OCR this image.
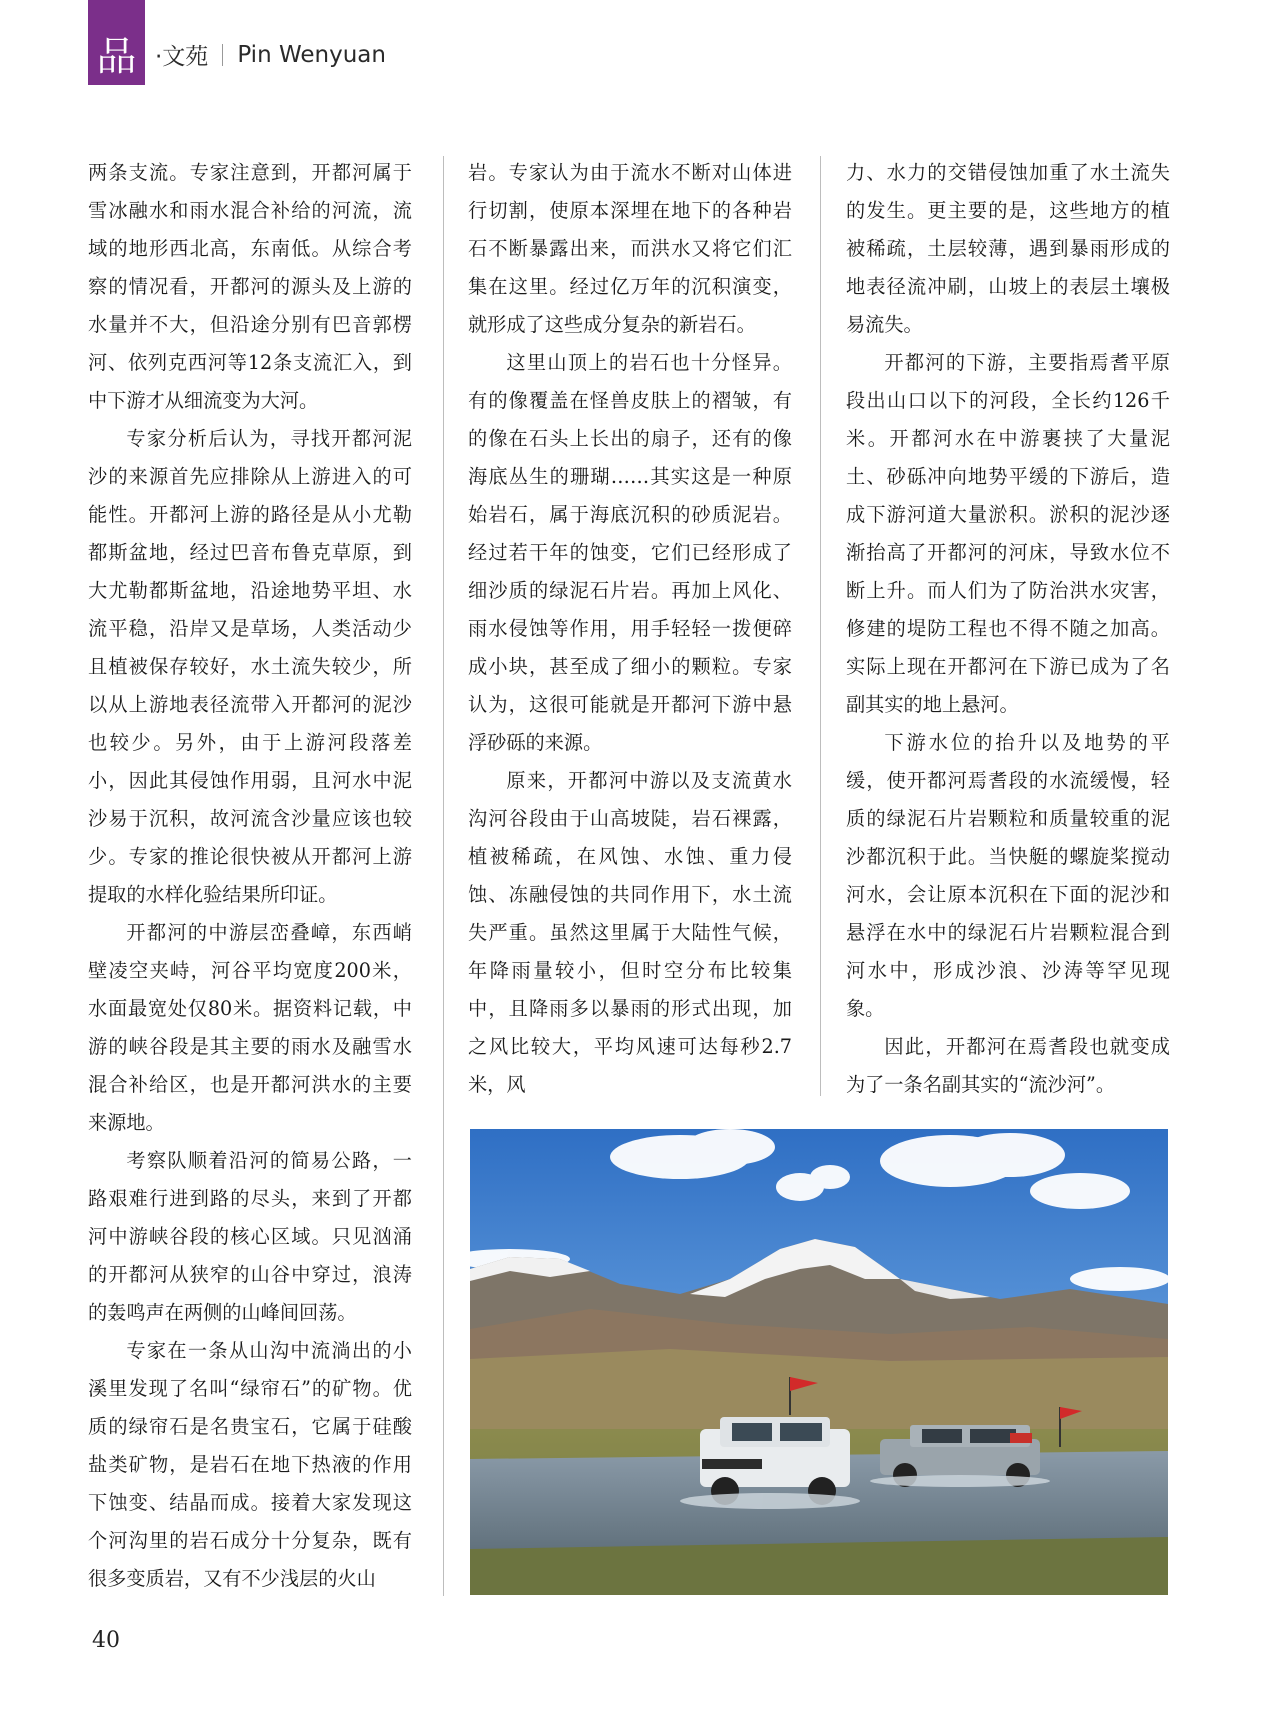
品 ·文苑 Pin Wenyuan

两条支流。专家注意到，开都河属于雪冰融水和雨水混合补给的河流，流域的地形西北高，东南低。从综合考察的情况看，开都河的源头及上游的水量并不大，但沿途分别有巴音郭楞河、依列克西河等12条支流汇入，到中下游才从细流变为大河。

专家分析后认为，寻找开都河泥沙的来源首先应排除从上游进入的可能性。开都河上游的路径是从小尤勒都斯盆地，经过巴音布鲁克草原，到大尤勒都斯盆地，沿途地势平坦、水流平稳，沿岸又是草场，人类活动少且植被保存较好，水土流失较少，所以从上游地表径流带入开都河的泥沙也较少。另外，由于上游河段落差小，因此其侵蚀作用弱，且河水中泥沙易于沉积，故河流含沙量应该也较少。专家的推论很快被从开都河上游提取的水样化验结果所印证。

开都河的中游层峦叠嶂，东西峭壁凌空夹峙，河谷平均宽度200米，水面最宽处仅80米。据资料记载，中游的峡谷段是其主要的雨水及融雪水混合补给区，也是开都河洪水的主要来源地。

考察队顺着沿河的简易公路，一路艰难行进到路的尽头，来到了开都河中游峡谷段的核心区域。只见汹涌的开都河从狭窄的山谷中穿过，浪涛的轰鸣声在两侧的山峰间回荡。

专家在一条从山沟中流淌出的小溪里发现了名叫“绿帘石”的矿物。优质的绿帘石是名贵宝石，它属于硅酸盐类矿物，是岩石在地下热液的作用下蚀变、结晶而成。接着大家发现这个河沟里的岩石成分十分复杂，既有很多变质岩，又有不少浅层的火山

岩。专家认为由于流水不断对山体进行切割，使原本深埋在地下的各种岩石不断暴露出来，而洪水又将它们汇集在这里。经过亿万年的沉积演变，就形成了这些成分复杂的新岩石。

这里山顶上的岩石也十分怪异。有的像覆盖在怪兽皮肤上的褶皱，有的像在石头上长出的扇子，还有的像海底丛生的珊瑚……其实这是一种原始岩石，属于海底沉积的砂质泥岩。经过若干年的蚀变，它们已经形成了细沙质的绿泥石片岩。再加上风化、雨水侵蚀等作用，用手轻轻一拨便碎成小块，甚至成了细小的颗粒。专家认为，这很可能就是开都河下游中悬浮砂砾的来源。

原来，开都河中游以及支流黄水沟河谷段由于山高坡陡，岩石裸露，植被稀疏，在风蚀、水蚀、重力侵蚀、冻融侵蚀的共同作用下，水土流失严重。虽然这里属于大陆性气候，年降雨量较小，但时空分布比较集中，且降雨多以暴雨的形式出现，加之风比较大，平均风速可达每秒2.7米，风

力、水力的交错侵蚀加重了水土流失的发生。更主要的是，这些地方的植被稀疏，土层较薄，遇到暴雨形成的地表径流冲刷，山坡上的表层土壤极易流失。

开都河的下游，主要指焉耆平原段出山口以下的河段，全长约126千米。开都河水在中游裹挟了大量泥土、砂砾冲向地势平缓的下游后，造成下游河道大量淤积。淤积的泥沙逐渐抬高了开都河的河床，导致水位不断上升。而人们为了防治洪水灾害，修建的堤防工程也不得不随之加高。实际上现在开都河在下游已成为了名副其实的地上悬河。

下游水位的抬升以及地势的平缓，使开都河焉耆段的水流缓慢，轻质的绿泥石片岩颗粒和质量较重的泥沙都沉积于此。当快艇的螺旋桨搅动河水，会让原本沉积在下面的泥沙和悬浮在水中的绿泥石片岩颗粒混合到河水中，形成沙浪、沙涛等罕见现象。

因此，开都河在焉耆段也就变成为了一条名副其实的“流沙河”。

40
